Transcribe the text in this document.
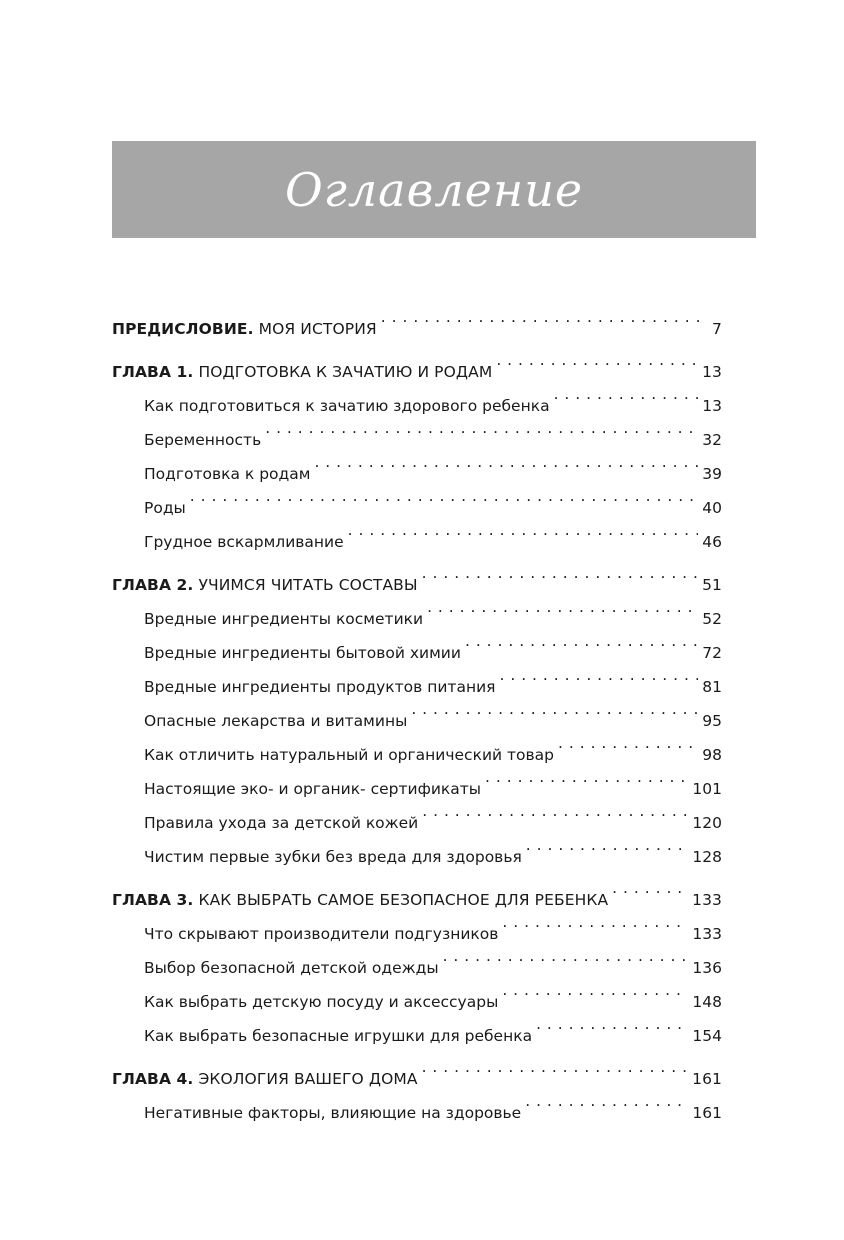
Оглавление
ПРЕДИСЛОВИЕ. МОЯ ИСТОРИЯ . . .	7
ГЛАВА 1. ПОДГОТОВКА К ЗАЧАТИЮ И РОДАМ . . .	13
Как подготовиться к зачатию здорового ребенка . . .	13
Беременность . . .	32
Подготовка к родам . . .	39
Роды . . .	40
Грудное вскармливание . . .	46
ГЛАВА 2. УЧИМСЯ ЧИТАТЬ СОСТАВЫ . . .	51
Вредные ингредиенты косметики . . .	52
Вредные ингредиенты бытовой химии . . .	72
Вредные ингредиенты продуктов питания . . .	81
Опасные лекарства и витамины . . .	95
Как отличить натуральный и органический товар . . .	98
Настоящие эко- и органик- сертификаты . . .	101
Правила ухода за детской кожей . . .	120
Чистим первые зубки без вреда для здоровья . . .	128
ГЛАВА 3. КАК ВЫБРАТЬ САМОЕ БЕЗОПАСНОЕ ДЛЯ РЕБЕНКА . . .	133
Что скрывают производители подгузников . . .	133
Выбор безопасной детской одежды . . .	136
Как выбрать детскую посуду и аксессуары . . .	148
Как выбрать безопасные игрушки для ребенка . . .	154
ГЛАВА 4. ЭКОЛОГИЯ ВАШЕГО ДОМА . . .	161
Негативные факторы, влияющие на здоровье . . .	161
